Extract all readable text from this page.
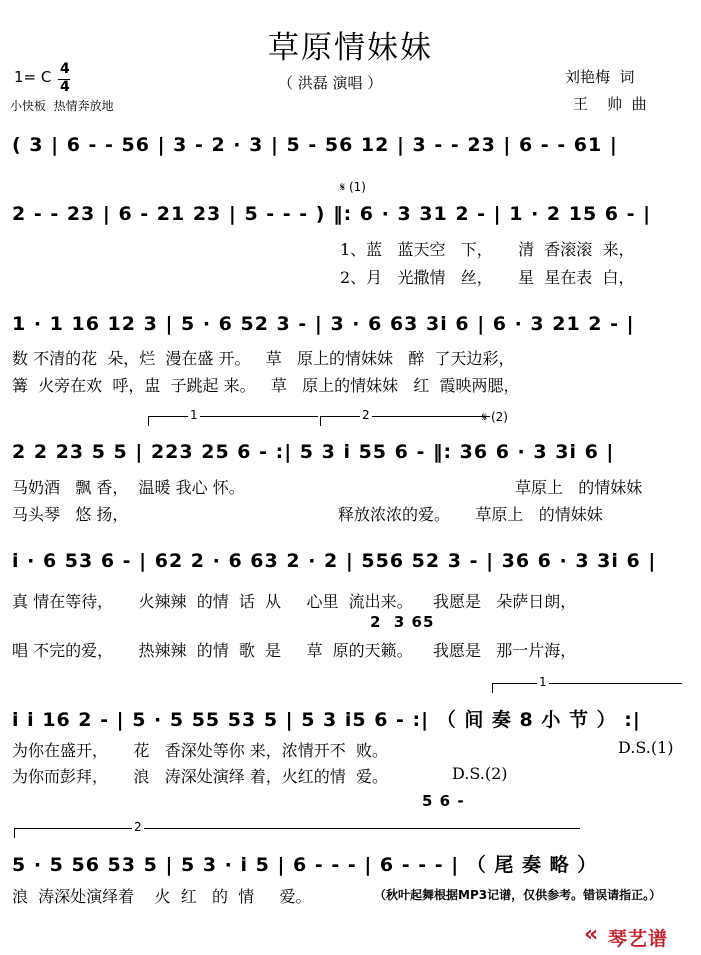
草原情妹妹
（ 洪磊 演唱 ）
1= C 4
4
小快板  热情奔放地
刘艳梅  词
王    帅  曲
( 3 | 6 - - 56 | 3 - 2 · 3 | 5 - 56 12 | 3 - - 23 | 6 - - 61 |
𝄋 (1)
2 - - 23 | 6 - 21 23 | 5 - - - ) ‖: 6 · 3 31 2 - | 1 · 2 15 6 - |
1、蓝   蓝天空   下，     清  香滚滚  来，
2、月   光撒情   丝，     星  星在表  白，
1 · 1 16 12 3 | 5 · 6 52 3 - | 3 · 6 63 3i 6 | 6 · 3 21 2 - |
数 不清的花  朵，烂  漫在盛 开。   草   原上的情妹妹   醉  了天边彩，
篝  火旁在欢  呼，盅  子跳起 来。   草   原上的情妹妹   红  霞映两腮，
1	2	𝄋 (2)
2 2 23 5 5 | 223 25 6 - :| 5 3 i 55 6 - ‖: 36 6 · 3 3i 6 |
马奶酒   飘 香，  温暖 我心 怀。
马头琴   悠 扬，
草原上   的情妹妹
释放浓浓的爱。     草原上   的情妹妹
i · 6 53 6 - | 62 2 · 6 63 2 · 2 | 556 52 3 - | 36 6 · 3 3i 6 |
真 情在等待，     火辣辣  的情  话  从     心里  流出来。    我愿是   朵萨日朗，
2  3 65
唱 不完的爱，     热辣辣  的情  歌  是     草  原的天籁。    我愿是   那一片海，
1
i i 16 2 - | 5 · 5 55 53 5 | 5 3 i5 6 - :| （ 间 奏 8 小 节 ） :|
为你在盛开，     花   香深处等你 来，浓情开不  败。
为你而彭拜，     浪   涛深处演绎 着，火红的情  爱。
D.S.(1)
D.S.(2)
5 6 -
2
5 · 5 56 53 5 | 5 3 · i 5 | 6 - - - | 6 - - - | （ 尾 奏 略 ）
浪  涛深处演绎着    火  红   的  情     爱。	（秋叶起舞根据MP3记谱，仅供参考。错误请指正。）
« 琴艺谱
